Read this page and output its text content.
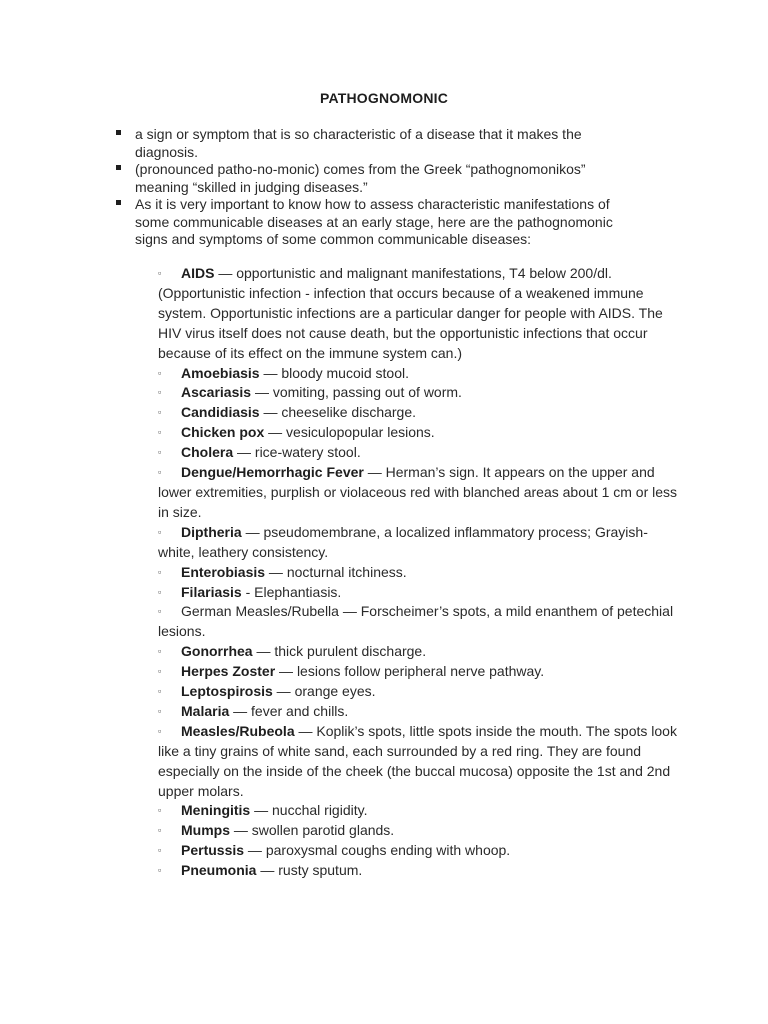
PATHOGNOMONIC
a sign or symptom that is so characteristic of a disease that it makes the diagnosis.
(pronounced patho-no-monic) comes from the Greek “pathognomonikos” meaning “skilled in judging diseases.”
As it is very important to know how to assess characteristic manifestations of some communicable diseases at an early stage, here are the pathognomonic signs and symptoms of some common communicable diseases:
▫ AIDS — opportunistic and malignant manifestations, T4 below 200/dl. (Opportunistic infection - infection that occurs because of a weakened immune system. Opportunistic infections are a particular danger for people with AIDS. The HIV virus itself does not cause death, but the opportunistic infections that occur because of its effect on the immune system can.)
▫ Amoebiasis — bloody mucoid stool.
▫ Ascariasis — vomiting, passing out of worm.
▫ Candidiasis — cheeselike discharge.
▫ Chicken pox — vesiculopopular lesions.
▫ Cholera — rice-watery stool.
▫ Dengue/Hemorrhagic Fever — Herman’s sign. It appears on the upper and lower extremities, purplish or violaceous red with blanched areas about 1 cm or less in size.
▫ Diptheria — pseudomembrane, a localized inflammatory process; Grayish-white, leathery consistency.
▫ Enterobiasis — nocturnal itchiness.
▫ Filariasis - Elephantiasis.
▫ German Measles/Rubella — Forscheimer’s spots, a mild enanthem of petechial lesions.
▫ Gonorrhea — thick purulent discharge.
▫ Herpes Zoster — lesions follow peripheral nerve pathway.
▫ Leptospirosis — orange eyes.
▫ Malaria — fever and chills.
▫ Measles/Rubeola — Koplik’s spots, little spots inside the mouth. The spots look like a tiny grains of white sand, each surrounded by a red ring. They are found especially on the inside of the cheek (the buccal mucosa) opposite the 1st and 2nd upper molars.
▫ Meningitis — nucchal rigidity.
▫ Mumps — swollen parotid glands.
▫ Pertussis — paroxysmal coughs ending with whoop.
▫ Pneumonia — rusty sputum.
